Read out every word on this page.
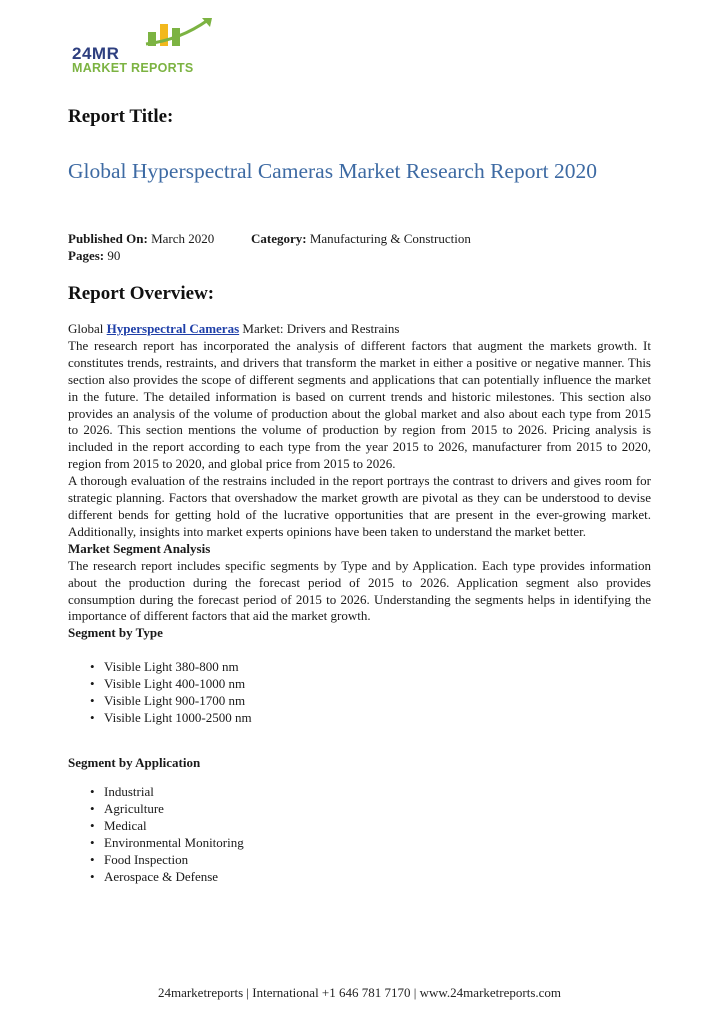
24MR
MARKET REPORTS
Report Title:
Global Hyperspectral Cameras Market Research Report 2020
Published On: March 2020	Category: Manufacturing & Construction
Pages: 90
Report Overview:

Global Hyperspectral Cameras Market: Drivers and Restrains

The research report has incorporated the analysis of different factors that augment the markets growth. It constitutes trends, restraints, and drivers that transform the market in either a positive or negative manner. This section also provides the scope of different segments and applications that can potentially influence the market in the future. The detailed information is based on current trends and historic milestones. This section also provides an analysis of the volume of production about the global market and also about each type from 2015 to 2026. This section mentions the volume of production by region from 2015 to 2026. Pricing analysis is included in the report according to each type from the year 2015 to 2026, manufacturer from 2015 to 2020, region from 2015 to 2020, and global price from 2015 to 2026.

A thorough evaluation of the restrains included in the report portrays the contrast to drivers and gives room for strategic planning. Factors that overshadow the market growth are pivotal as they can be understood to devise different bends for getting hold of the lucrative opportunities that are present in the ever-growing market. Additionally, insights into market experts opinions have been taken to understand the market better.

Market Segment Analysis

The research report includes specific segments by Type and by Application. Each type provides information about the production during the forecast period of 2015 to 2026. Application segment also provides consumption during the forecast period of 2015 to 2026. Understanding the segments helps in identifying the importance of different factors that aid the market growth.

Segment by Type

• Visible Light 380-800 nm
• Visible Light 400-1000 nm
• Visible Light 900-1700 nm
• Visible Light 1000-2500 nm
Segment by Application
• Industrial
• Agriculture
• Medical
• Environmental Monitoring
• Food Inspection
• Aerospace & Defense
24marketreports | International +1 646 781 7170 | www.24marketreports.com
